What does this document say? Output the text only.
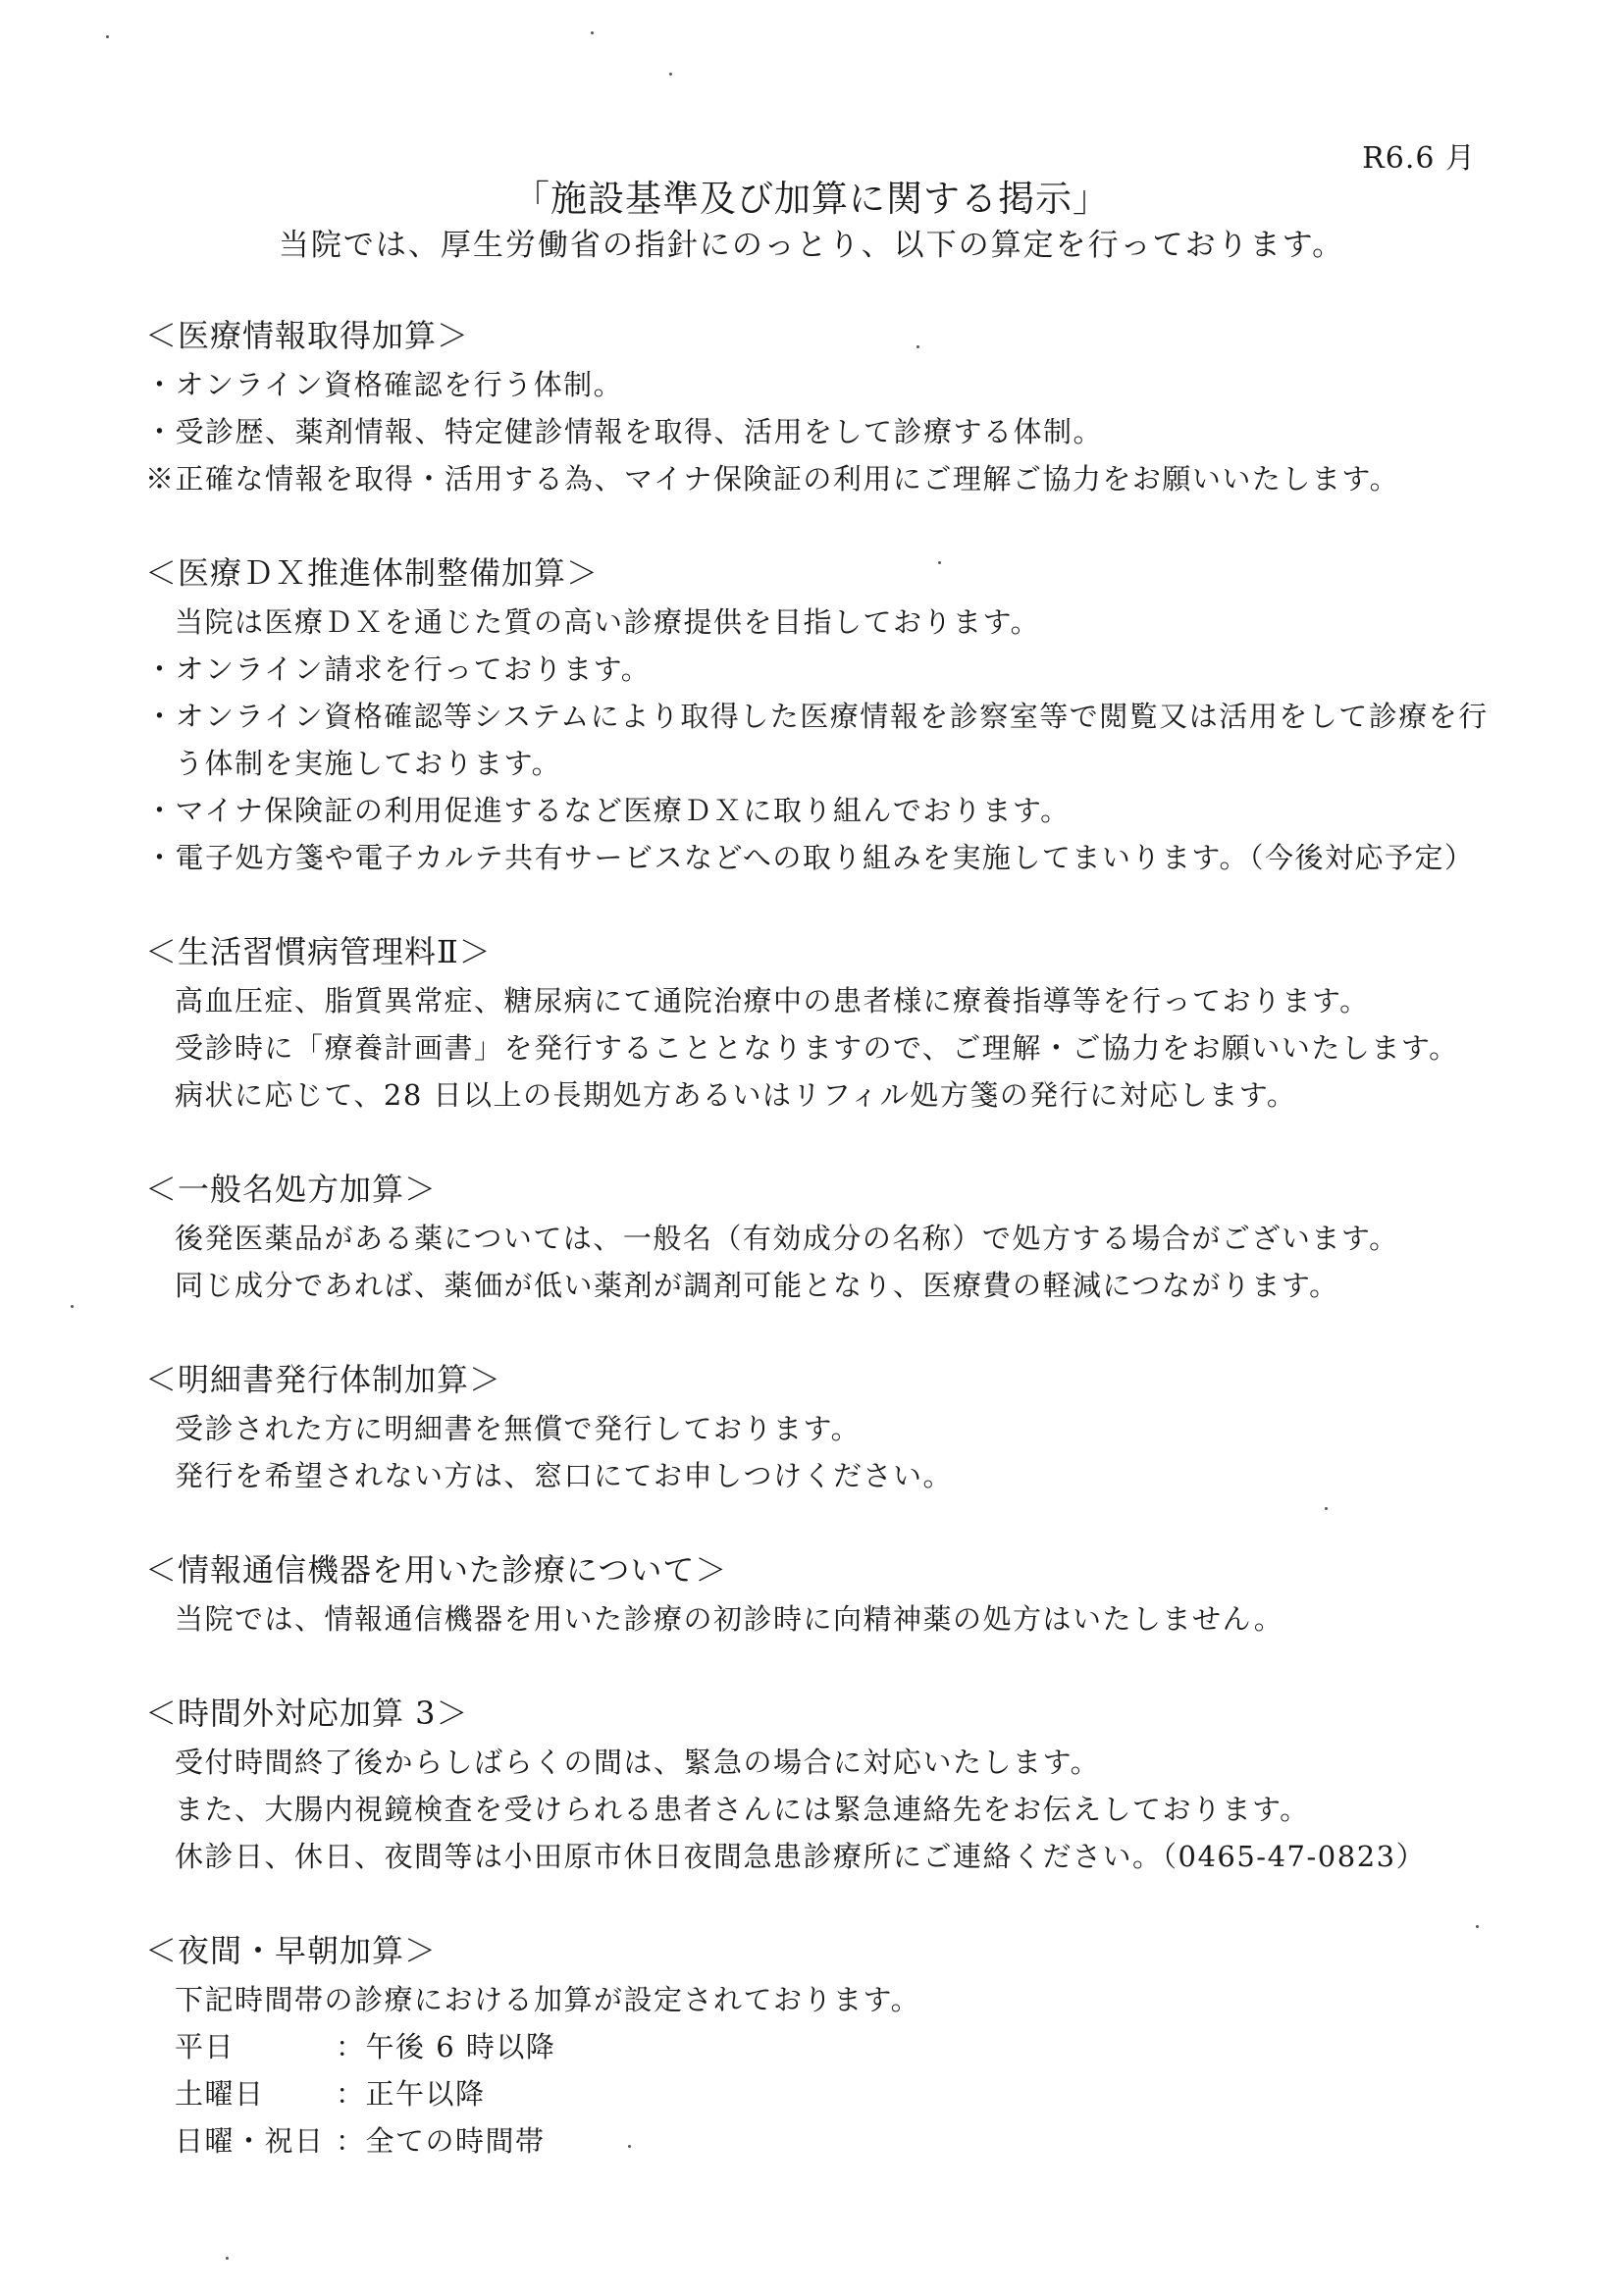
R6.6 月
「施設基準及び加算に関する掲示」
当院では、厚生労働省の指針にのっとり、以下の算定を行っております。
＜医療情報取得加算＞
・オンライン資格確認を行う体制。
・受診歴、薬剤情報、特定健診情報を取得、活用をして診療する体制。
※正確な情報を取得・活用する為、マイナ保険証の利用にご理解ご協力をお願いいたします。
＜医療ＤＸ推進体制整備加算＞
当院は医療ＤＸを通じた質の高い診療提供を目指しております。
・オンライン請求を行っております。
・オンライン資格確認等システムにより取得した医療情報を診察室等で閲覧又は活用をして診療を行う体制を実施しております。
・マイナ保険証の利用促進するなど医療ＤＸに取り組んでおります。
・電子処方箋や電子カルテ共有サービスなどへの取り組みを実施してまいります。（今後対応予定）
＜生活習慣病管理料Ⅱ＞
高血圧症、脂質異常症、糖尿病にて通院治療中の患者様に療養指導等を行っております。
受診時に「療養計画書」を発行することとなりますので、ご理解・ご協力をお願いいたします。
病状に応じて、28 日以上の長期処方あるいはリフィル処方箋の発行に対応します。
＜一般名処方加算＞
後発医薬品がある薬については、一般名（有効成分の名称）で処方する場合がございます。
同じ成分であれば、薬価が低い薬剤が調剤可能となり、医療費の軽減につながります。
＜明細書発行体制加算＞
受診された方に明細書を無償で発行しております。
発行を希望されない方は、窓口にてお申しつけください。
＜情報通信機器を用いた診療について＞
当院では、情報通信機器を用いた診療の初診時に向精神薬の処方はいたしません。
＜時間外対応加算 3＞
受付時間終了後からしばらくの間は、緊急の場合に対応いたします。
また、大腸内視鏡検査を受けられる患者さんには緊急連絡先をお伝えしております。
休診日、休日、夜間等は小田原市休日夜間急患診療所にご連絡ください。（0465-47-0823）
＜夜間・早朝加算＞
下記時間帯の診療における加算が設定されております。
平日	：午後 6 時以降
土曜日	：正午以降
日曜・祝日 ：全ての時間帯
